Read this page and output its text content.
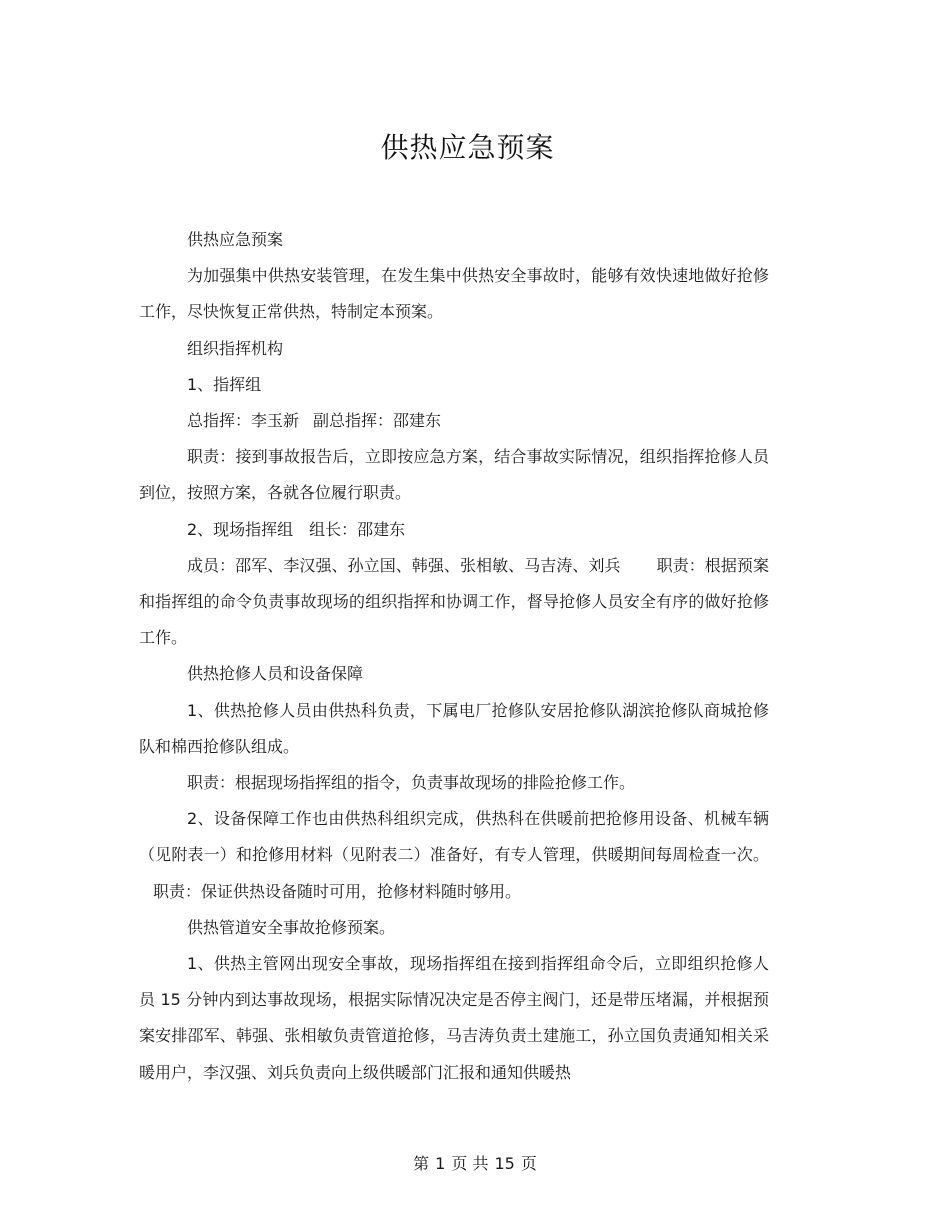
供热应急预案

供热应急预案

为加强集中供热安装管理，在发生集中供热安全事故时，能够有效快速地做好抢修工作，尽快恢复正常供热，特制定本预案。

组织指挥机构

1、指挥组

总指挥：李玉新 副总指挥：邵建东

职责：接到事故报告后，立即按应急方案，结合事故实际情况，组织指挥抢修人员到位，按照方案，各就各位履行职责。

2、现场指挥组　组长：邵建东

成员：邵军、李汉强、孙立国、韩强、张相敏、马吉涛、刘兵 职责：根据预案和指挥组的命令负责事故现场的组织指挥和协调工作，督导抢修人员安全有序的做好抢修工作。

供热抢修人员和设备保障

1、供热抢修人员由供热科负责，下属电厂抢修队安居抢修队湖滨抢修队商城抢修队和棉西抢修队组成。

职责：根据现场指挥组的指令，负责事故现场的排险抢修工作。

2、设备保障工作也由供热科组织完成，供热科在供暖前把抢修用设备、机械车辆（见附表一）和抢修用材料（见附表二）准备好，有专人管理，供暖期间每周检查一次。职责：保证供热设备随时可用，抢修材料随时够用。

供热管道安全事故抢修预案。

1、供热主管网出现安全事故，现场指挥组在接到指挥组命令后，立即组织抢修人员 15 分钟内到达事故现场，根据实际情况决定是否停主阀门，还是带压堵漏，并根据预案安排邵军、韩强、张相敏负责管道抢修，马吉涛负责土建施工，孙立国负责通知相关采暖用户，李汉强、刘兵负责向上级供暖部门汇报和通知供暖热

第 1 页 共 15 页
